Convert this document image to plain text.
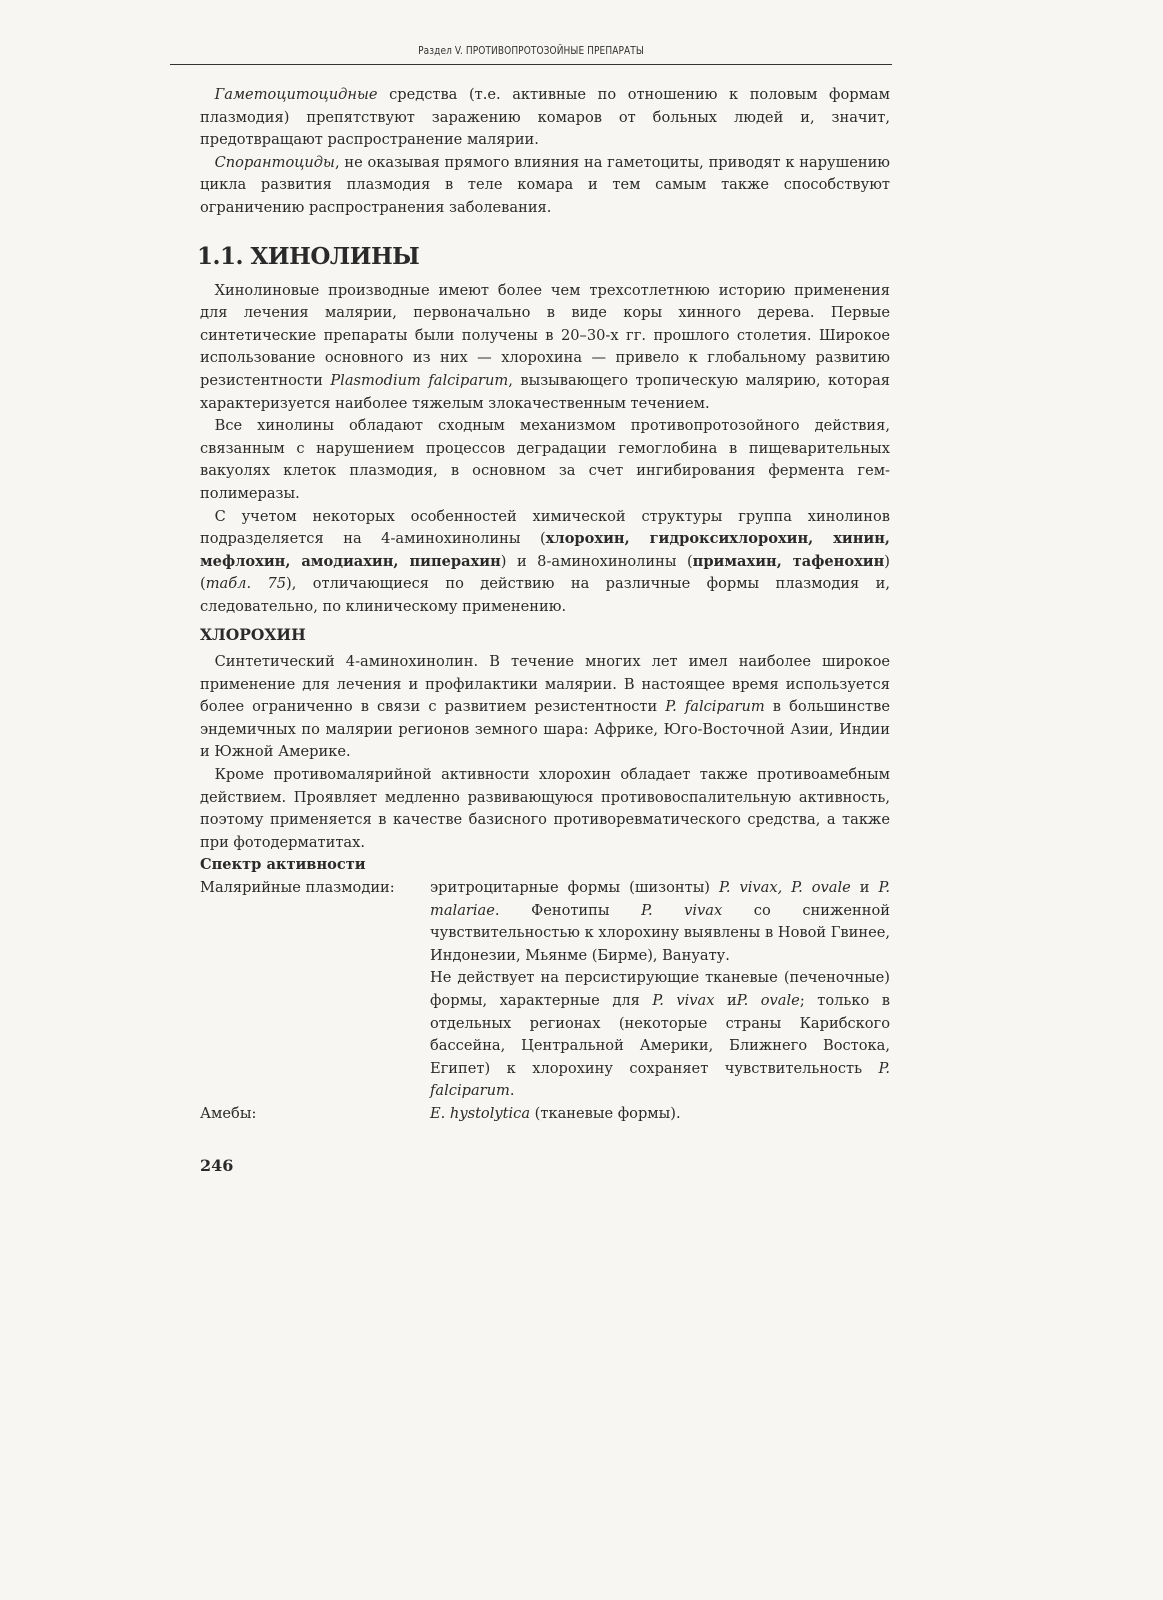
Раздел V. ПРОТИВОПРОТОЗОЙНЫЕ ПРЕПАРАТЫ

 Гаметоцитоцидные средства (т.е. активные по отношению к половым формам плазмодия) препятствуют заражению комаров от больных людей и, значит, предотвращают распространение малярии.

 Спорантоциды, не оказывая прямого влияния на гаметоциты, приводят к нарушению цикла развития плазмодия в теле комара и тем самым также способствуют ограничению распространения заболевания.

1.1. ХИНОЛИНЫ

 Хинолиновые производные имеют более чем трехсотлетнюю историю применения для лечения малярии, первоначально в виде коры хинного дерева. Первые синтетические препараты были получены в 20–30-х гг. прошлого столетия. Широкое использование основного из них — хлорохина — привело к глобальному развитию резистентности Plasmodium falciparum, вызывающего тропическую малярию, которая характеризуется наиболее тяжелым злокачественным течением.

 Все хинолины обладают сходным механизмом противопротозойного действия, связанным с нарушением процессов деградации гемоглобина в пищеварительных вакуолях клеток плазмодия, в основном за счет ингибирования фермента гем-полимеразы.

 С учетом некоторых особенностей химической структуры группа хинолинов подразделяется на 4-аминохинолины (хлорохин, гидроксихлорохин, хинин, мефлохин, амодиахин, пиперахин) и 8-аминохинолины (примахин, тафенохин) (табл. 75), отличающиеся по действию на различные формы плазмодия и, следовательно, по клиническому применению.

ХЛОРОХИН

 Синтетический 4-аминохинолин. В течение многих лет имел наиболее широкое применение для лечения и профилактики малярии. В настоящее время используется более ограниченно в связи с развитием резистентности P. falciparum в большинстве эндемичных по малярии регионов земного шара: Африке, Юго-Восточной Азии, Индии и Южной Америке.

 Кроме противомалярийной активности хлорохин обладает также противоамебным действием. Проявляет медленно развивающуюся противовоспалительную активность, поэтому применяется в качестве базисного противоревматического средства, а также при фотодерматитах.

Спектр активности

Малярийные плазмодии:	эритроцитарные формы (шизонты) P. vivax, P. ovale и P. malariae. Фенотипы P. vivax со сниженной чувствительностью к хлорохину выявлены в Новой Гвинее, Индонезии, Мьянме (Бирме), Вануату.
Не действует на персистирующие тканевые (печеночные) формы, характерные для P. vivax иP. ovale; только в отдельных регионах (некоторые страны Карибского бассейна, Центральной Америки, Ближнего Востока, Египет) к хлорохину сохраняет чувствительность P. falciparum.
Амебы:	E. hystolytica (тканевые формы).
246
